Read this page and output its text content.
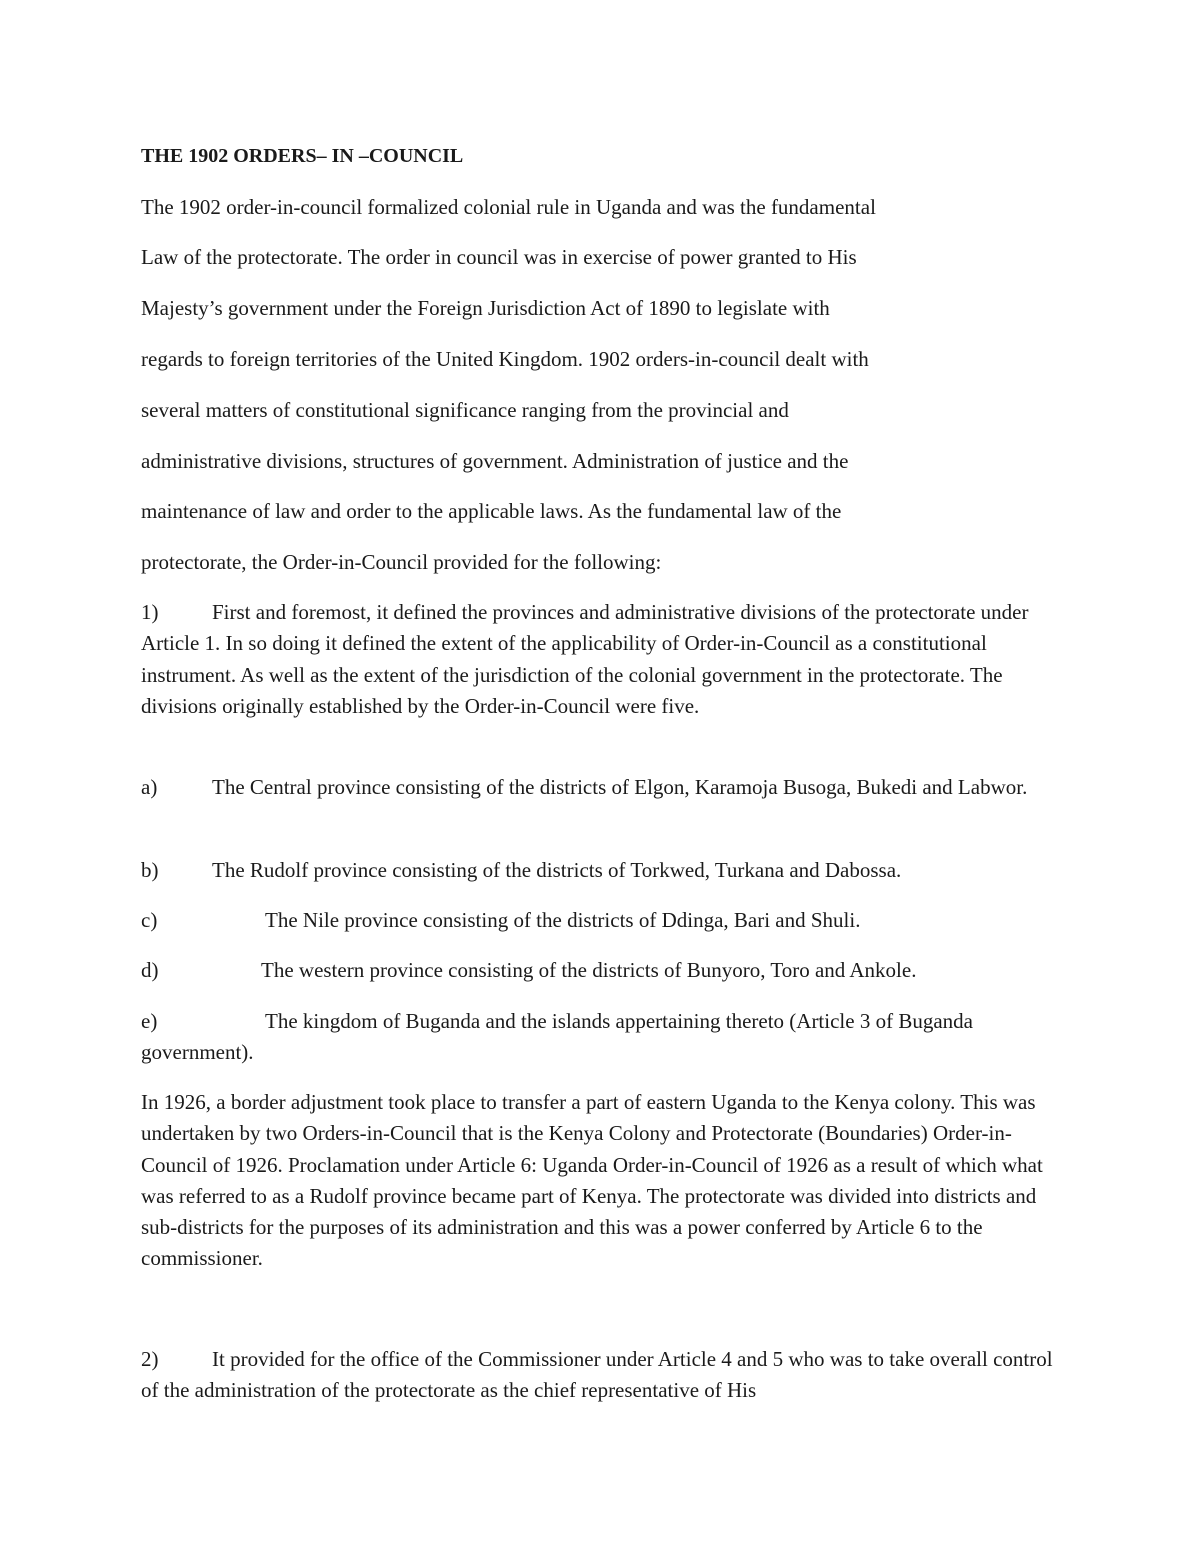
THE 1902 ORDERS– IN –COUNCIL
The 1902 order-in-council formalized colonial rule in Uganda and was the fundamental
Law of the protectorate. The order in council was in exercise of power granted to His
Majesty’s government under the Foreign Jurisdiction Act of 1890 to legislate with
regards to foreign territories of the United Kingdom. 1902 orders-in-council dealt with
several matters of constitutional significance ranging from the provincial and
administrative divisions, structures of government. Administration of justice and the
maintenance of law and order to the applicable laws. As the fundamental law of the
protectorate, the Order-in-Council provided for the following:
1)	First and foremost, it defined the provinces and administrative divisions of the protectorate under Article 1. In so doing it defined the extent of the applicability of Order-in-Council as a constitutional instrument. As well as the extent of the jurisdiction of the colonial government in the protectorate. The divisions originally established by the Order-in-Council were five.
a)	The Central province consisting of the districts of Elgon, Karamoja Busoga, Bukedi and Labwor.
b)	The Rudolf province consisting of the districts of Torkwed, Turkana and Dabossa.
c)	The Nile province consisting of the districts of Ddinga, Bari and Shuli.
d)	The western province consisting of the districts of Bunyoro, Toro and Ankole.
e)	The kingdom of Buganda and the islands appertaining thereto (Article 3 of Buganda government).
In 1926, a border adjustment took place to transfer a part of eastern Uganda to the Kenya colony. This was undertaken by two Orders-in-Council that is the Kenya Colony and Protectorate (Boundaries) Order-in-Council of 1926. Proclamation under Article 6: Uganda Order-in-Council of 1926 as a result of which what was referred to as a Rudolf province became part of Kenya. The protectorate was divided into districts and sub-districts for the purposes of its administration and this was a power conferred by Article 6 to the commissioner.
2)	It provided for the office of the Commissioner under Article 4 and 5 who was to take overall control of the administration of the protectorate as the chief representative of His
